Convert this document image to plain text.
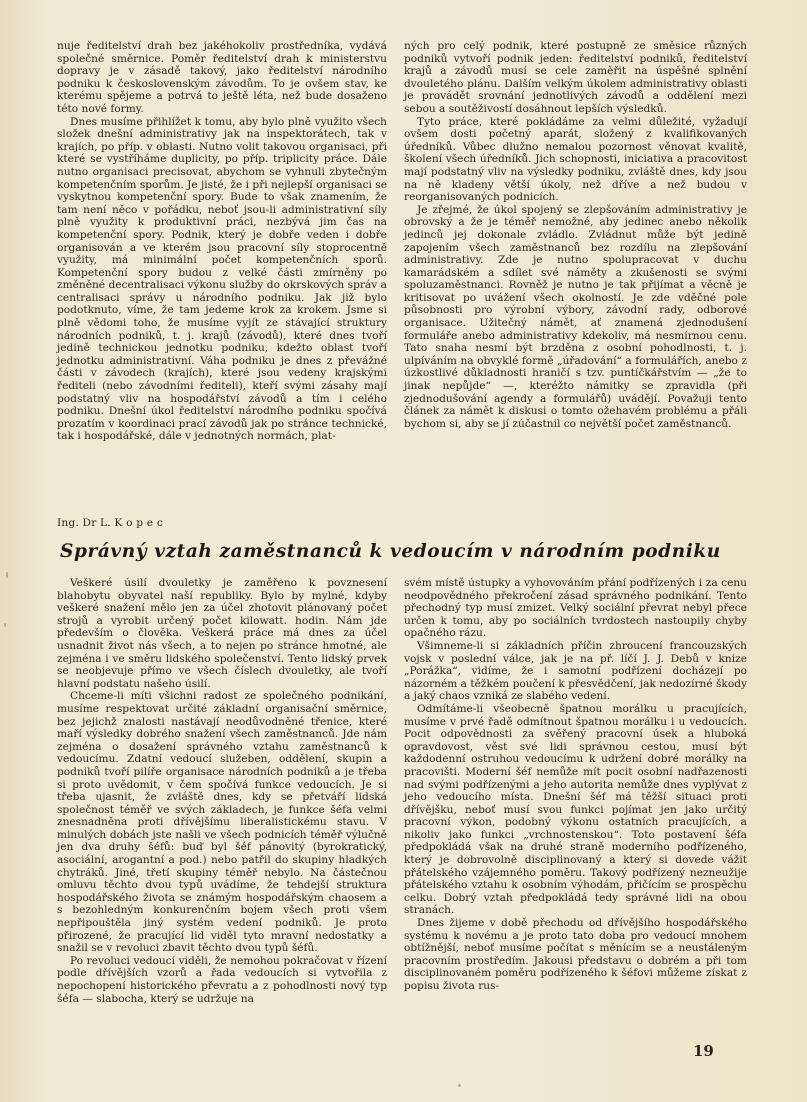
nuje ředitelství drah bez jakéhokoliv prostředníka, vydává společné směrnice. Poměr ředitelství drah k ministerstvu dopravy je v zásadě takový, jako ředitelství národního podniku k československým závodům. To je ovšem stav, ke kterému spějeme a potrvá to ještě léta, než bude dosaženo této nové formy.

Dnes musíme přihlížet k tomu, aby bylo plně využito všech složek dnešní administrativy jak na inspektorátech, tak v krajích, po příp. v oblasti. Nutno volit takovou organisaci, při které se vystříháme duplicity, po příp. triplicity práce. Dále nutno organisaci precisovat, abychom se vyhnuli zbytečným kompetenčním sporům. Je jisté, že i při nejlepší organisaci se vyskytnou kompetenční spory. Bude to však znamením, že tam není něco v pořádku, neboť jsou-li administrativní síly plně využity k produktivní práci, nezbývá jim čas na kompetenční spory. Podnik, který je dobře veden i dobře organisován a ve kterém jsou pracovní síly stoprocentně využity, má minimální počet kompetenčních sporů. Kompetenční spory budou z velké části zmírněny po změněné decentralisaci výkonu služby do okrskových správ a centralisaci správy u národního podniku. Jak již bylo podotknuto, víme, že tam jedeme krok za krokem. Jsme si plně vědomi toho, že musíme vyjít ze stávající struktury národních podniků, t. j. krajů (závodů), které dnes tvoří jedině technickou jednotku podniku, kdežto oblast tvoří jednotku administrativní. Váha podniku je dnes z převážné části v závodech (krajích), které jsou vedeny krajskými řediteli (nebo závodními řediteli), kteří svými zásahy mají podstatný vliv na hospodářství závodů a tím i celého podniku. Dnešní úkol ředitelství národního podniku spočívá prozatím v koordinaci prací závodů jak po stránce technické, tak i hospodářské, dále v jednotných normách, plat-

ných pro celý podnik, které postupně ze směsice různých podniků vytvoří podnik jeden: ředitelství podniků, ředitelství krajů a závodů musí se cele zaměřit na úspěšné splnění dvouletého plánu. Dalším velkým úkolem administrativy oblasti je provádět srovnání jednotlivých závodů a oddělení mezi sebou a soutěživostí dosáhnout lepších výsledků.

Tyto práce, které pokládáme za velmi důležité, vyžadují ovšem dosti početný aparát, složený z kvalifikovaných úředníků. Vůbec dlužno nemalou pozornost věnovat kvalitě, školení všech úředníků. Jich schopnosti, iniciativa a pracovitost mají podstatný vliv na výsledky podniku, zvláště dnes, kdy jsou na ně kladeny větší úkoly, než dříve a než budou v reorganisovaných podnicích.

Je zřejmé, že úkol spojený se zlepšováním administrativy je obrovský a že je téměř nemožné, aby jedinec anebo několik jedinců jej dokonale zvládlo. Zvládnut může být jedině zapojením všech zaměstnanců bez rozdílu na zlepšování administrativy. Zde je nutno spolupracovat v duchu kamarádském a sdílet své náměty a zkušenosti se svými spoluzaměstnanci. Rovněž je nutno je tak přijímat a věcně je kritisovat po uvážení všech okolností. Je zde vděčné pole působnosti pro výrobní výbory, závodní rady, odborové organisace. Užitečný námět, ať znamená zjednodušení formuláře anebo administrativy kdekoliv, má nesmírnou cenu. Tato snaha nesmí být brzděna z osobní pohodlnosti, t. j. ulpíváním na obvyklé formě „úřadování“ a formulářích, anebo z úzkostlivé důkladnosti hraničí s tzv. puntíčkářstvím — „že to jinak nepůjde“ —, kteréžto námitky se zpravidla (při zjednodušování agendy a formulářů) uvádějí. Považuji tento článek za námět k diskusi o tomto ožehavém problému a přáli bychom si, aby se jí zúčastnil co největší počet zaměstnanců.

Ing. Dr L. K o p e c
Správný vztah zaměstnanců k vedoucím v národním podniku

Veškeré úsilí dvouletky je zaměřeno k povznesení blahobytu obyvatel naší republiky. Bylo by mylné, kdyby veškeré snažení mělo jen za účel zhotovit plánovaný počet strojů a vyrobit určený počet kilowatt. hodin. Nám jde především o člověka. Veškerá práce má dnes za účel usnadnit život nás všech, a to nejen po stránce hmotné, ale zejména i ve směru lidského společenství. Tento lidský prvek se neobjevuje přímo ve všech číslech dvouletky, ale tvoří hlavní podstatu našeho úsilí.

Chceme-li míti všichni radost ze společného podnikání, musíme respektovat určité základní organisační směrnice, bez jejichž znalosti nastávají neodůvodněné třenice, které maří výsledky dobrého snažení všech zaměstnanců. Jde nám zejména o dosažení správného vztahu zaměstnanců k vedoucímu. Zdatní vedoucí služeben, oddělení, skupin a podniků tvoří pilíře organisace národních podniků a je třeba si proto uvědomit, v čem spočívá funkce vedoucích. Je si třeba ujasnit, že zvláště dnes, kdy se přetváří lidská společnost téměř ve svých základech, je funkce šéfa velmi znesnadněna proti dřívějšímu liberalistickému stavu. V minulých dobách jste našli ve všech podnicích téměř výlučně jen dva druhy šéfů: buď byl šéf pánovitý (byrokratický, asociální, arogantní a pod.) nebo patřil do skupiny hladkých chytráků. Jiné, třetí skupiny téměř nebylo. Na částečnou omluvu těchto dvou typů uvádíme, že tehdejší struktura hospodářského života se známým hospodářským chaosem a s bezohledným konkurenčním bojem všech proti všem nepřipouštěla jiný systém vedení podniků. Je proto přirozené, že pracující lid viděl tyto mravní nedostatky a snažil se v revoluci zbavit těchto dvou typů šéfů.

Po revoluci vedoucí viděli, že nemohou pokračovat v řízení podle dřívějších vzorů a řada vedoucích si vytvořila z nepochopení historického převratu a z pohodlnosti nový typ šéfa — slabocha, který se udržuje na

svém místě ústupky a vyhovováním přání podřízených i za cenu neodpovědného překročení zásad správného podnikání. Tento přechodný typ musí zmizet. Velký sociální převrat nebyl přece určen k tomu, aby po sociálních tvrdostech nastoupily chyby opačného rázu.

Všimneme-li si základních příčin zhroucení francouzských vojsk v poslední válce, jak je na př. líčí J. J. Debů v knize „Porážka“, vidíme, že i samotní podřízení docházejí po názorném a těžkém poučení k přesvědčení, jak nedozírné škody a jaký chaos vzniká ze slabého vedení.

Odmítáme-li všeobecně špatnou morálku u pracujících, musíme v prvé řadě odmítnout špatnou morálku i u vedoucích. Pocit odpovědnosti za svěřený pracovní úsek a hluboká opravdovost, věst své lidi správnou cestou, musí být každodenní ostruhou vedoucímu k udržení dobré morálky na pracovišti. Moderní šéf nemůže mít pocit osobní nadřazenosti nad svými podřízenými a jeho autorita nemůže dnes vyplývat z jeho vedoucího místa. Dnešní šéf má těžší situaci proti dřívějšku, neboť musí svou funkci pojímat jen jako určitý pracovní výkon, podobný výkonu ostatních pracujících, a nikoliv jako funkci „vrchnostenskou“. Toto postavení šéfa předpokládá však na druhé straně moderního podřízeného, který je dobrovolně disciplinovaný a který si dovede vážit přátelského vzájemného poměru. Takový podřízený nezneužije přátelského vztahu k osobním výhodám, přičícím se prospěchu celku. Dobrý vztah předpokládá tedy správné lidi na obou stranách.

Dnes žijeme v době přechodu od dřívějšího hospodářského systému k novému a je proto tato doba pro vedoucí mnohem obtížnější, neboť musíme počítat s měnícím se a neustáleným pracovním prostředím. Jakousi představu o dobrém a při tom disciplinovaném poměru podřízeného k šéfovi můžeme získat z popisu života rus-

19
